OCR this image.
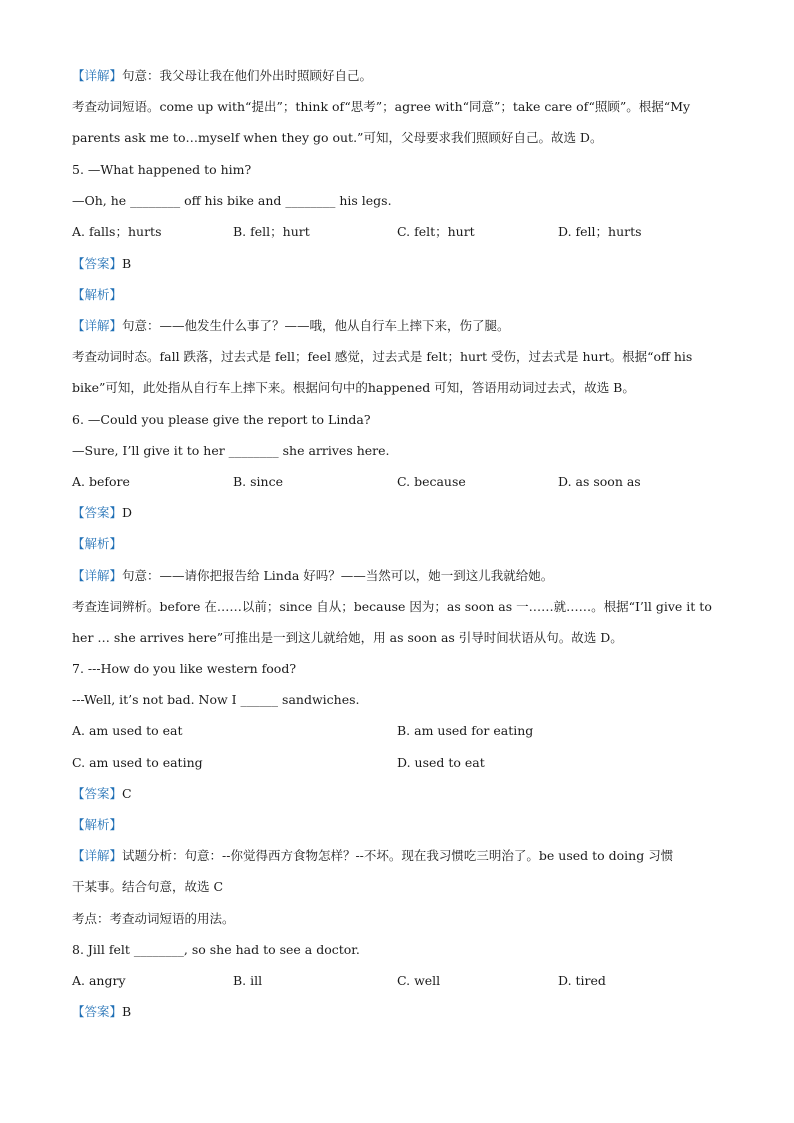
【详解】句意：我父母让我在他们外出时照顾好自己。
考查动词短语。come up with“提出”；think of“思考”；agree with“同意”；take care of“照顾”。根据“My
parents ask me to…myself when they go out.”可知，父母要求我们照顾好自己。故选 D。
5. —What happened to him?
—Oh, he ________ off his bike and ________ his legs.
A. falls；hurts	B. fell；hurt	C. felt；hurt	D. fell；hurts
【答案】B
【解析】
【详解】句意：——他发生什么事了？——哦，他从自行车上摔下来，伤了腿。
考查动词时态。fall 跌落，过去式是 fell；feel 感觉，过去式是 felt；hurt 受伤，过去式是 hurt。根据“off his
bike”可知，此处指从自行车上摔下来。根据问句中的happened 可知，答语用动词过去式，故选 B。
6. —Could you please give the report to Linda?
—Sure, I’ll give it to her ________ she arrives here.
A. before	B. since	C. because	D. as soon as
【答案】D
【解析】
【详解】句意：——请你把报告给 Linda 好吗？——当然可以，她一到这儿我就给她。
考查连词辨析。before 在……以前；since 自从；because 因为；as soon as 一……就……。根据“I’ll give it to
her … she arrives here”可推出是一到这儿就给她，用 as soon as 引导时间状语从句。故选 D。
7. ---How do you like western food?
---Well, it’s not bad. Now I ______ sandwiches.
A. am used to eat	B. am used for eating
C. am used to eating	D. used to eat
【答案】C
【解析】
【详解】试题分析：句意：--你觉得西方食物怎样？--不坏。现在我习惯吃三明治了。be used to doing 习惯
干某事。结合句意，故选 C
考点：考查动词短语的用法。
8. Jill felt ________, so she had to see a doctor.
A. angry	B. ill	C. well	D. tired
【答案】B
